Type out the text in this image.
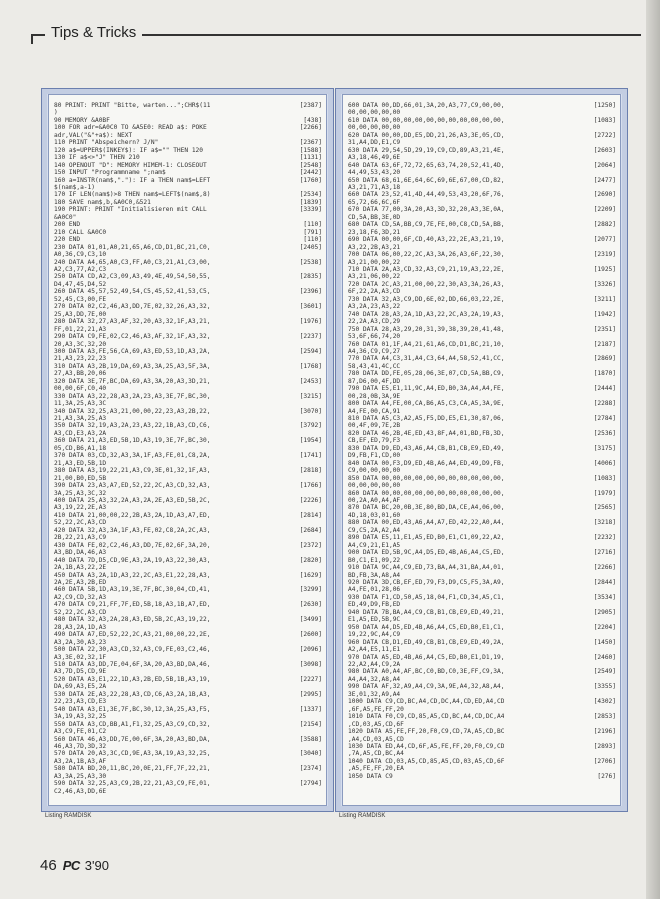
Tips & Tricks
80 PRINT: PRINT "Bitte, warten...";CHR$(11	[2387]
)
90 MEMORY &A0BF	[438]
100 FOR adr=&A0C0 TO &A5E0: READ a$: POKE	[2266]
adr,VAL("&"+a$): NEXT
110 PRINT "Abspeichern? J/N"	[2367]
120 a$=UPPER$(INKEY$): IF a$="" THEN 120	[1588]
130 IF a$<>"J" THEN 210	[1131]
140 OPENOUT "D": MEMORY HIMEM-1: CLOSEOUT	[2548]
150 INPUT "Programmname ";nam$	[2442]
160 a=INSTR(nam$,"."): IF a THEN nam$=LEFT	[1760]
$(nam$,a-1)
170 IF LEN(nam$)>8 THEN nam$=LEFT$(nam$,8)	[2534]
180 SAVE nam$,b,&A0C0,&521	[1839]
190 PRINT: PRINT "Initialisieren mit CALL	[3339]
&A0C0"
200 END	[110]
210 CALL &A0C0	[791]
220 END	[110]
230 DATA 01,01,A0,21,65,A6,CD,D1,BC,21,C0,	[2405]
A0,36,C9,C3,10
240 DATA A4,65,A0,C3,FF,A0,C3,21,A1,C3,00,	[2538]
A2,C3,77,A2,C3
250 DATA CD,A2,C3,09,A3,49,4E,49,54,50,55,	[2835]
D4,47,45,D4,52
260 DATA 45,57,52,49,54,C5,45,52,41,53,C5,	[2396]
52,45,C3,00,FE
270 DATA 02,C2,46,A3,DD,7E,02,32,26,A3,32,	[3601]
25,A3,DD,7E,00
280 DATA 32,27,A3,AF,32,20,A3,32,1F,A3,21,	[1976]
FF,01,22,21,A3
290 DATA C9,FE,02,C2,46,A3,AF,32,1F,A3,32,	[2237]
20,A3,3C,32,20
300 DATA A3,FE,56,CA,69,A3,ED,53,1D,A3,2A,	[2594]
21,A3,23,22,23
310 DATA A3,2B,19,DA,69,A3,3A,25,A3,5F,3A,	[1768]
27,A3,BB,20,06
320 DATA 3E,7F,BC,DA,69,A3,3A,20,A3,3D,21,	[2453]
00,00,6F,C0,40
330 DATA A3,22,28,A3,2A,23,A3,3E,7F,BC,30,	[3215]
11,3A,25,A3,3C
340 DATA 32,25,A3,21,00,00,22,23,A3,2B,22,	[3070]
21,A3,3A,25,A3
350 DATA 32,19,A3,2A,23,A3,22,1B,A3,CD,C6,	[3792]
A3,CD,E3,A3,2A
360 DATA 21,A3,ED,5B,1D,A3,19,3E,7F,BC,30,	[1954]
05,CD,B6,A1,18
370 DATA 03,CD,32,A3,3A,1F,A3,FE,01,C8,2A,	[1741]
21,A3,ED,5B,1D
380 DATA A3,19,22,21,A3,C9,3E,01,32,1F,A3,	[2818]
21,00,B0,ED,5B
390 DATA 23,A3,A7,ED,52,22,2C,A3,CD,32,A3,	[1766]
3A,25,A3,3C,32
400 DATA 25,A3,32,2A,A3,2A,2E,A3,ED,5B,2C,	[2226]
A3,19,22,2E,A3
410 DATA 21,00,00,22,2B,A3,2A,1D,A3,A7,ED,	[2814]
52,22,2C,A3,CD
420 DATA 32,A3,3A,1F,A3,FE,02,C8,2A,2C,A3,	[2684]
2B,22,21,A3,C9
430 DATA FE,02,C2,46,A3,DD,7E,02,6F,3A,20,	[2372]
A3,BD,DA,46,A3
440 DATA 7D,D5,CD,9E,A3,2A,19,A3,22,30,A3,	[2820]
2A,1B,A3,22,2E
450 DATA A3,2A,1D,A3,22,2C,A3,E1,22,28,A3,	[1629]
2A,2E,A3,2B,ED
460 DATA 5B,1D,A3,19,3E,7F,BC,30,04,CD,41,	[3299]
A2,C9,CD,32,A3
470 DATA C9,21,FF,7F,ED,5B,18,A3,1B,A7,ED,	[2630]
52,22,2C,A3,CD
480 DATA 32,A3,2A,28,A3,ED,5B,2C,A3,19,22,	[3499]
28,A3,2A,1D,A3
490 DATA A7,ED,52,22,2C,A3,21,00,00,22,2E,	[2600]
A3,2A,30,A3,23
500 DATA 22,30,A3,CD,32,A3,C9,FE,03,C2,46,	[2096]
A3,3E,02,32,1F
510 DATA A3,DD,7E,04,6F,3A,20,A3,BD,DA,46,	[3098]
A3,7D,D5,CD,9E
520 DATA A3,E1,22,1D,A3,2B,ED,5B,1B,A3,19,	[2227]
DA,69,A3,E5,2A
530 DATA 2E,A3,22,28,A3,CD,C6,A3,2A,1B,A3,	[2995]
22,23,A3,CD,E3
540 DATA A3,E1,3E,7F,BC,30,12,3A,25,A3,F5,	[1337]
3A,19,A3,32,25
550 DATA A3,CD,BB,A1,F1,32,25,A3,C9,CD,32,	[2154]
A3,C9,FE,01,C2
560 DATA 46,A3,DD,7E,00,6F,3A,20,A3,BD,DA,	[3588]
46,A3,7D,3D,32
570 DATA 20,A3,3C,CD,9E,A3,3A,19,A3,32,25,	[3040]
A3,2A,1B,A3,AF
580 DATA BD,20,11,BC,20,0E,21,FF,7F,22,21,	[2374]
A3,3A,25,A3,30
590 DATA 32,25,A3,C9,2B,22,21,A3,C9,FE,01,	[2794]
C2,46,A3,DD,6E
Listing RAMDISK
600 DATA 00,DD,66,01,3A,20,A3,77,C9,00,00,	[1250]
00,00,00,00,00
610 DATA 00,00,00,00,00,00,00,00,00,00,00,	[1083]
00,00,00,00,00
620 DATA 00,00,DD,E5,DD,21,26,A3,3E,05,CD,	[2722]
31,A4,DD,E1,C9
630 DATA 29,54,5D,29,19,C9,CD,89,A3,21,4E,	[2603]
A3,18,46,49,6E
640 DATA 63,6F,72,72,65,63,74,20,52,41,4D,	[2064]
44,49,53,43,20
650 DATA 68,61,6E,64,6C,69,6E,67,00,CD,82,	[2477]
A3,21,71,A3,18
660 DATA 23,52,41,4D,44,49,53,43,20,6F,76,	[2690]
65,72,66,6C,6F
670 DATA 77,00,3A,20,A3,3D,32,20,A3,3E,0A,	[2209]
CD,5A,BB,3E,0D
680 DATA CD,5A,BB,C9,7E,FE,00,C8,CD,5A,BB,	[2882]
23,18,F6,3D,21
690 DATA 00,00,6F,CD,40,A3,22,2E,A3,21,19,	[2077]
A3,22,2B,A3,21
700 DATA 06,00,22,2C,A3,3A,26,A3,6F,22,30,	[2319]
A3,21,00,00,22
710 DATA 2A,A3,CD,32,A3,C9,21,19,A3,22,2E,	[1925]
A3,21,06,00,22
720 DATA 2C,A3,21,00,00,22,30,A3,3A,26,A3,	[3326]
6F,22,2A,A3,CD
730 DATA 32,A3,C9,DD,6E,02,DD,66,03,22,2E,	[3211]
A3,2A,23,A3,22
740 DATA 28,A3,2A,1D,A3,22,2C,A3,2A,19,A3,	[1942]
22,2A,A3,CD,29
750 DATA 28,A3,29,20,31,39,38,39,20,41,48,	[2351]
53,6F,66,74,20
760 DATA 01,1F,A4,21,61,A6,CD,D1,BC,21,10,	[2187]
A4,36,C9,C9,27
770 DATA A4,C3,31,A4,C3,64,A4,58,52,41,CC,	[2869]
58,43,41,4C,CC
780 DATA DD,FE,05,28,06,3E,07,CD,5A,BB,C9,	[1870]
87,D6,00,4F,DD
790 DATA E5,E1,11,9C,A4,ED,B0,3A,A4,A4,FE,	[2444]
00,28,0B,3A,9E
800 DATA A4,FE,00,CA,B6,A5,C3,CA,A5,3A,9E,	[2288]
A4,FE,00,CA,91
810 DATA A5,C3,A2,A5,F5,DD,E5,E1,30,87,06,	[2784]
00,4F,09,7E,2B
820 DATA 46,2B,4E,ED,43,8F,A4,01,BD,FB,3D,	[2536]
CB,EF,ED,79,F3
830 DATA D9,ED,43,A6,A4,CB,B1,CB,E9,ED,49,	[3175]
D9,FB,F1,CD,00
840 DATA 00,F3,D9,ED,4B,A6,A4,ED,49,D9,FB,	[4006]
C9,00,00,00,00
850 DATA 00,00,00,00,00,00,00,00,00,00,00,	[1083]
00,00,00,00,00
860 DATA 00,00,00,00,00,00,00,00,00,00,00,	[1979]
00,2A,A0,A4,AF
870 DATA BC,20,0B,3E,80,BD,DA,CE,A4,06,00,	[2565]
4D,18,03,01,60
880 DATA 00,ED,43,A6,A4,A7,ED,42,22,A0,A4,	[3218]
C9,C5,2A,A2,A4
890 DATA E5,11,E1,A5,ED,B0,E1,C1,09,22,A2,	[2232]
A4,C9,21,E1,A5
900 DATA ED,5B,9C,A4,D5,ED,4B,A6,A4,C5,ED,	[2716]
B0,C1,E1,09,22
910 DATA 9C,A4,C9,ED,73,BA,A4,31,BA,A4,01,	[2266]
BD,FB,3A,A8,A4
920 DATA 3D,CB,EF,ED,79,F3,D9,C5,F5,3A,A9,	[2844]
A4,FE,01,28,06
930 DATA F1,CD,50,A5,18,04,F1,CD,34,A5,C1,	[3534]
ED,49,D9,FB,ED
940 DATA 7B,BA,A4,C9,CB,B1,CB,E9,ED,49,21,	[2905]
E1,A5,ED,5B,9C
950 DATA A4,D5,ED,4B,A6,A4,C5,ED,B0,E1,C1,	[2204]
19,22,9C,A4,C9
960 DATA CB,D1,ED,49,CB,B1,CB,E9,ED,49,2A,	[1450]
A2,A4,E5,11,E1
970 DATA A5,ED,4B,A6,A4,C5,ED,B0,E1,D1,19,	[2460]
22,A2,A4,C9,2A
980 DATA A0,A4,AF,BC,C0,BD,C0,3E,FF,C9,3A,	[2549]
A4,A4,32,A8,A4
990 DATA AF,32,A9,A4,C9,3A,9E,A4,32,A8,A4,	[3355]
3E,01,32,A9,A4
1000 DATA C9,CD,BC,A4,CD,DC,A4,CD,ED,A4,CD	[4302]
,6F,A5,FE,FF,20
1010 DATA F0,C9,CD,85,A5,CD,BC,A4,CD,DC,A4	[2853]
,CD,03,A5,CD,6F
1020 DATA A5,FE,FF,20,F0,C9,CD,7A,A5,CD,BC	[2196]
,A4,CD,03,A5,CD
1030 DATA ED,A4,CD,6F,A5,FE,FF,20,F0,C9,CD	[2893]
,7A,A5,CD,BC,A4
1040 DATA CD,03,A5,CD,85,A5,CD,03,A5,CD,6F	[2706]
,A5,FE,FF,20,EA
1050 DATA C9	[276]
Listing RAMDISK
46 PC 3'90
